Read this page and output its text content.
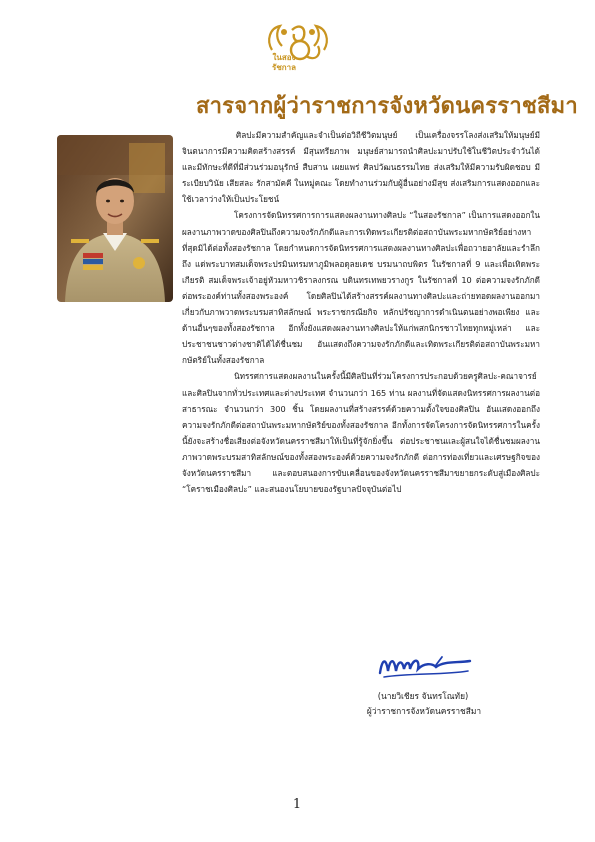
ในสอง
รัชกาล
สารจากผู้ว่าราชการจังหวัดนครราชสีมา

ศิลปะมีความสำคัญและจำเป็นต่อวิถีชีวิตมนุษย์ เป็นเครื่องจรรโลงส่งเสริมให้มนุษย์มีจินตนาการมีความคิดสร้างสรรค์ มีสุนทรียภาพ มนุษย์สามารถนำศิลปะมาปรับใช้ในชีวิตประจำวันได้และมีทักษะที่ดีที่มีส่วนร่วมอนุรักษ์ สืบสาน เผยแพร่ ศิลปวัฒนธรรมไทย ส่งเสริมให้มีความรับผิดชอบ มีระเบียบวินัย เสียสละ รักสามัคคี ในหมู่คณะ โดยทำงานร่วมกับผู้อื่นอย่างมีสุข ส่งเสริมการแสดงออกและใช้เวลาว่างให้เป็นประโยชน์

โครงการจัดนิทรรศการการแสดงผลงานทางศิลปะ “ในสองรัชกาล” เป็นการแสดงออกในผลงานภาพวาดของศิลปินถึงความจงรักภักดีและการเทิดพระเกียรติต่อสถาบันพระมหากษัตริย์อย่างหาที่สุดมิได้ต่อทั้งสองรัชกาล โดยกำหนดการจัดนิทรรศการแสดงผลงานทางศิลปะเพื่อถวายอาลัยและรำลึกถึง แด่พระบาทสมเด็จพระปรมินทรมหาภูมิพลอดุลยเดช บรมนาถบพิตร ในรัชกาลที่ 9 และเพื่อเทิดพระเกียรติ สมเด็จพระเจ้าอยู่หัวมหาวชิราลงกรณ บดินทรเทพยวรางกูร ในรัชกาลที่ 10 ต่อความจงรักภักดีต่อพระองค์ท่านทั้งสองพระองค์ โดยศิลปินได้สร้างสรรค์ผลงานทางศิลปะและถ่ายทอดผลงานออกมาเกี่ยวกับภาพวาดพระบรมสาทิสลักษณ์ พระราชกรณียกิจ หลักปรัชญาการดำเนินตนอย่างพอเพียง และด้านอื่นๆของทั้งสองรัชกาล อีกทั้งยังแสดงผลงานทางศิลปะให้แก่พสกนิกรชาวไทยทุกหมู่เหล่า และประชาชนชาวต่างชาติได้ได้ชื่นชม อันแสดงถึงความจงรักภักดีและเทิดพระเกียรติต่อสถาบันพระมหากษัตริย์ในทั้งสองรัชกาล

นิทรรศการแสดงผลงานในครั้งนี้มีศิลปินที่ร่วมโครงการประกอบด้วยครูศิลปะ-คณาจารย์และศิลปินจากทั่วประเทศและต่างประเทศ จำนวนกว่า 165 ท่าน ผลงานที่จัดแสดงนิทรรศการผลงานต่อสาธารณะ จำนวนกว่า 300 ชิ้น โดยผลงานที่สร้างสรรค์ด้วยความตั้งใจของศิลปิน อันแสดงออกถึงความจงรักภักดีต่อสถาบันพระมหากษัตริย์ของทั้งสองรัชกาล อีกทั้งการจัดโครงการจัดนิทรรศการในครั้งนี้ยังจะสร้างชื่อเสียงต่อจังหวัดนครราชสีมาให้เป็นที่รู้จักยิ่งขึ้น ต่อประชาชนและผู้สนใจได้ชื่นชมผลงานภาพวาดพระบรมสาทิสลักษณ์ของทั้งสองพระองค์ด้วยความจงรักภักดี ต่อการท่องเที่ยวและเศรษฐกิจของจังหวัดนครราชสีมา และตอบสนองการขับเคลื่อนของจังหวัดนครราชสีมาขยายกระดับสู่เมืองศิลปะ “โคราชเมืองศิลปะ” และสนองนโยบายของรัฐบาลปัจจุบันต่อไป

(นายวิเชียร จันทรโณทัย)
ผู้ว่าราชการจังหวัดนครราชสีมา
1
